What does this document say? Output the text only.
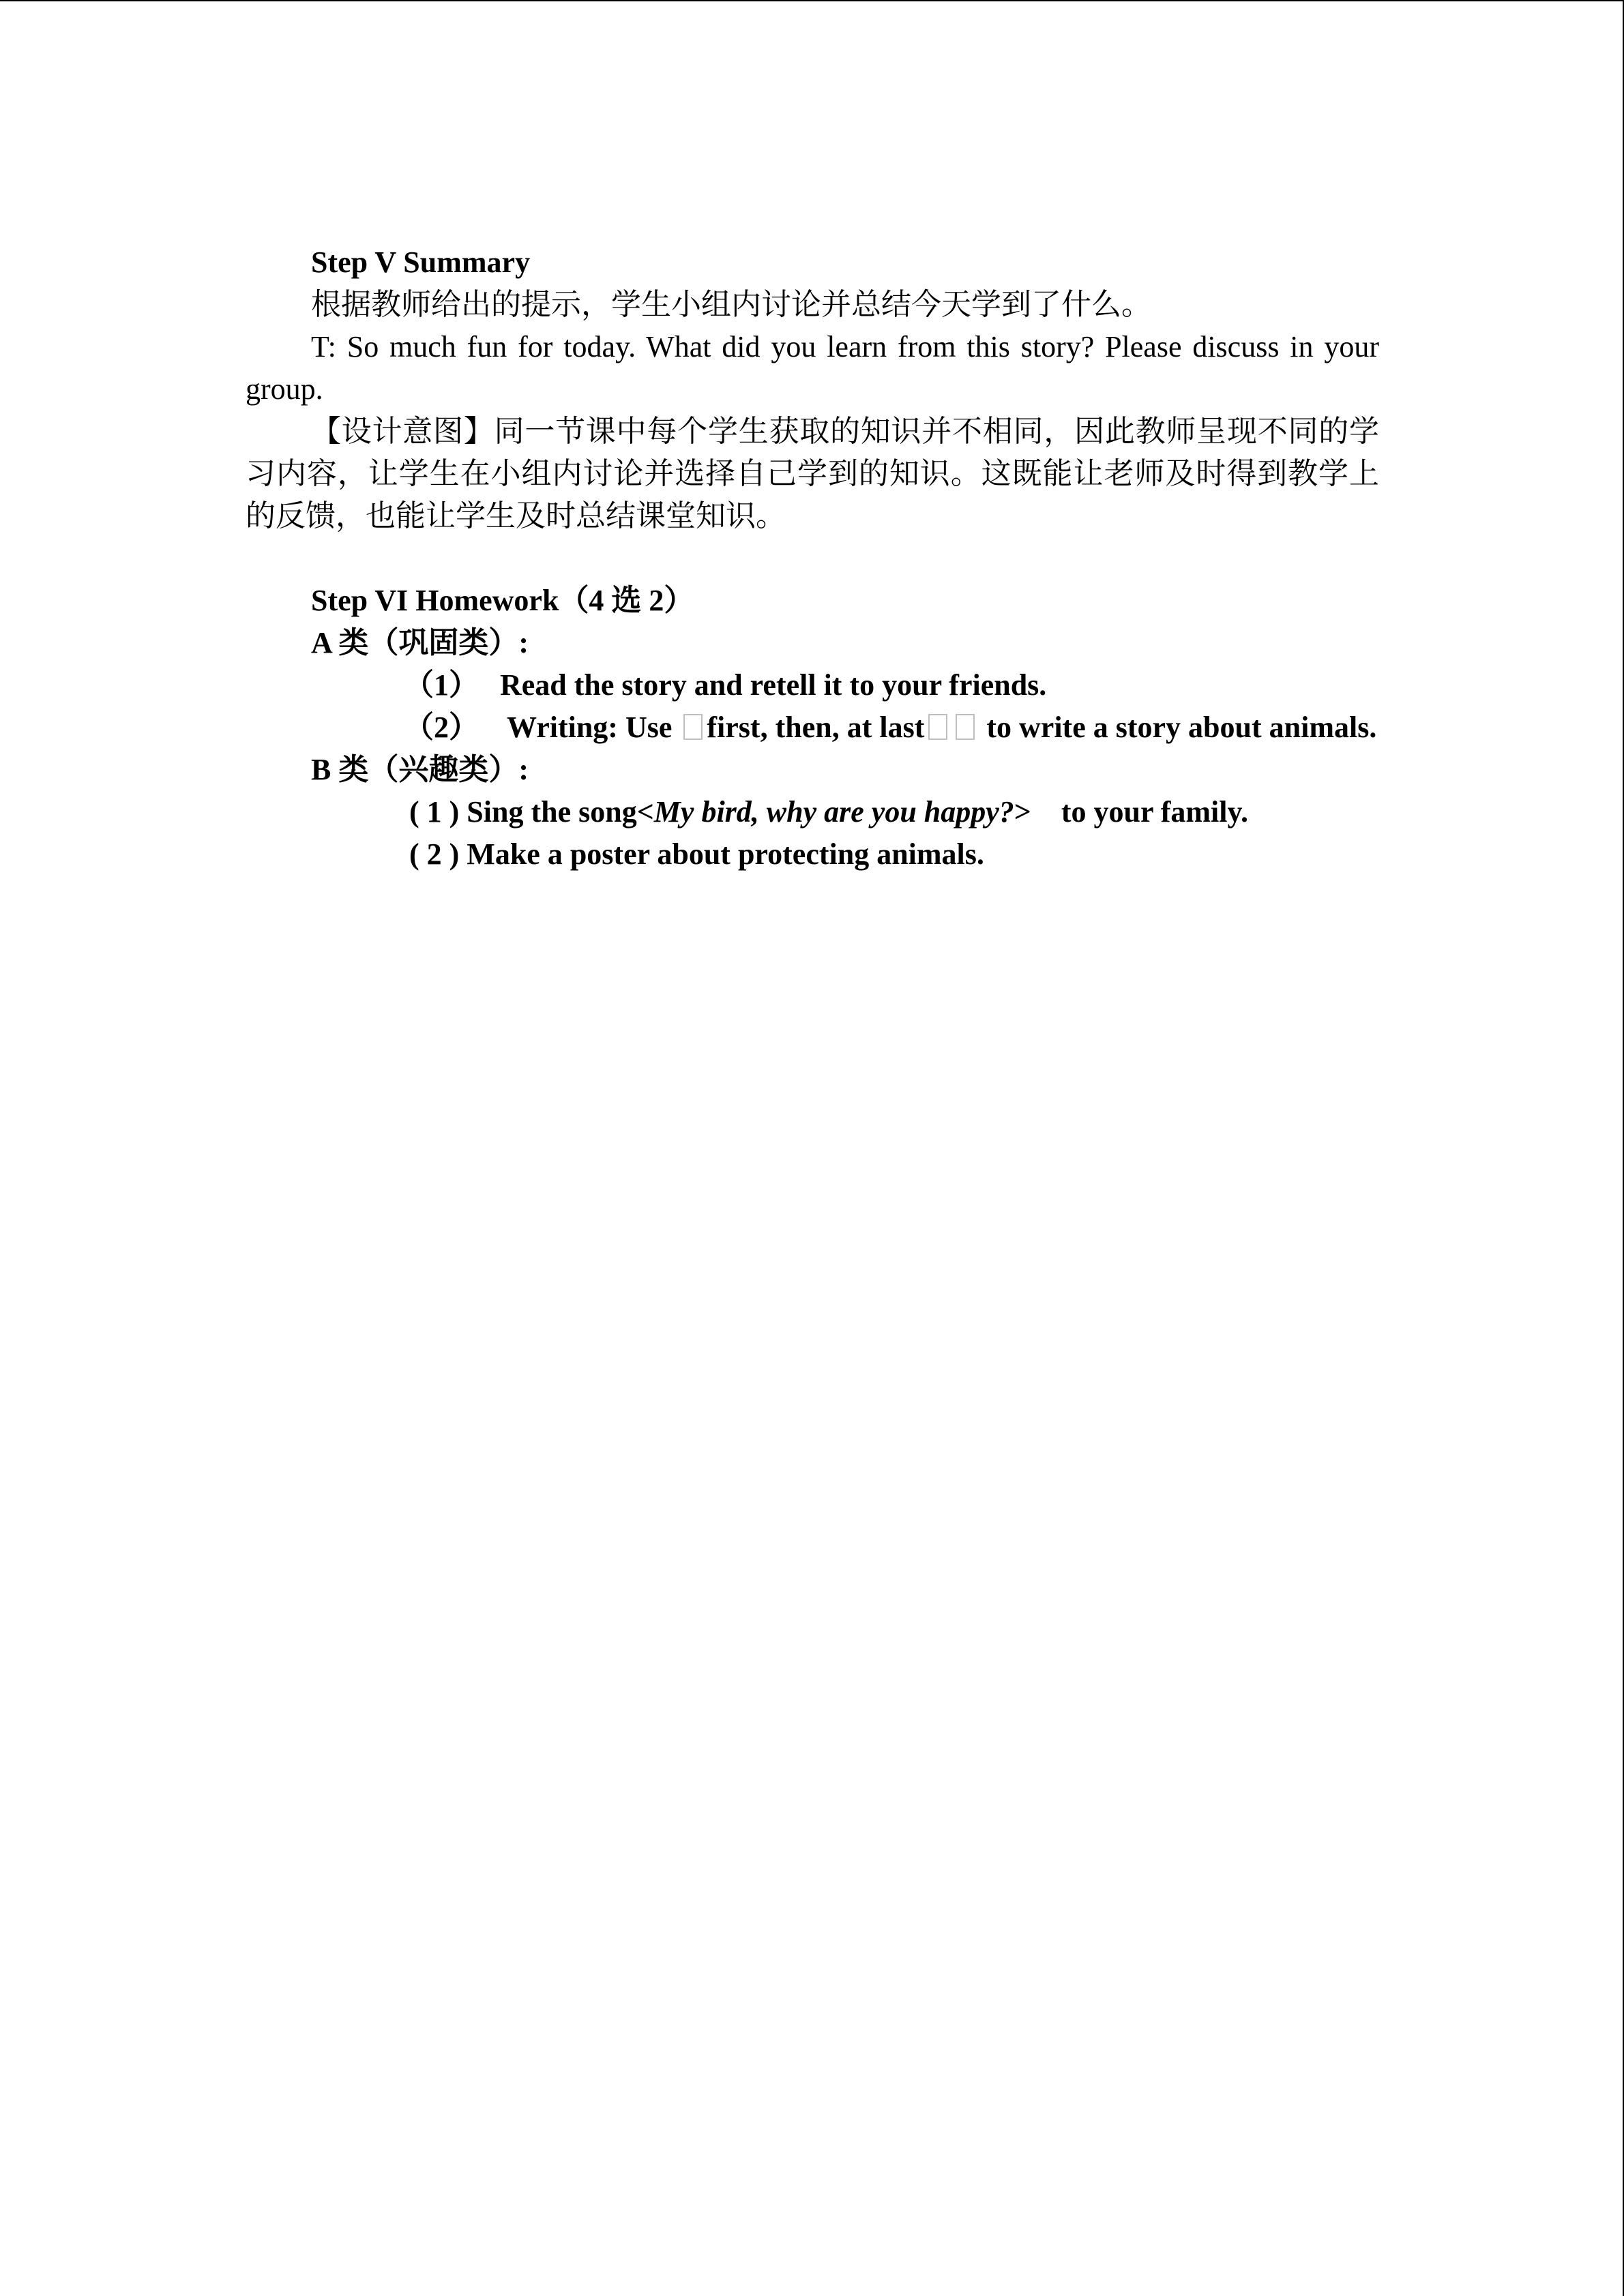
Step V Summary

根据教师给出的提示，学生小组内讨论并总结今天学到了什么。

T: So much fun for today. What did you learn from this story? Please discuss in your group.

【设计意图】同一节课中每个学生获取的知识并不相同，因此教师呈现不同的学习内容，让学生在小组内讨论并选择自己学到的知识。这既能让老师及时得到教学上的反馈，也能让学生及时总结课堂知识。

Step VI Homework（4 选 2）

A 类（巩固类）:

（1） Read the story and retell it to your friends.

（2） Writing: Use first, then, at last to write a story about animals.

B 类（兴趣类）:

( 1 ) Sing the song<My bird, why are you happy?>    to your family.

( 2 ) Make a poster about protecting animals.
